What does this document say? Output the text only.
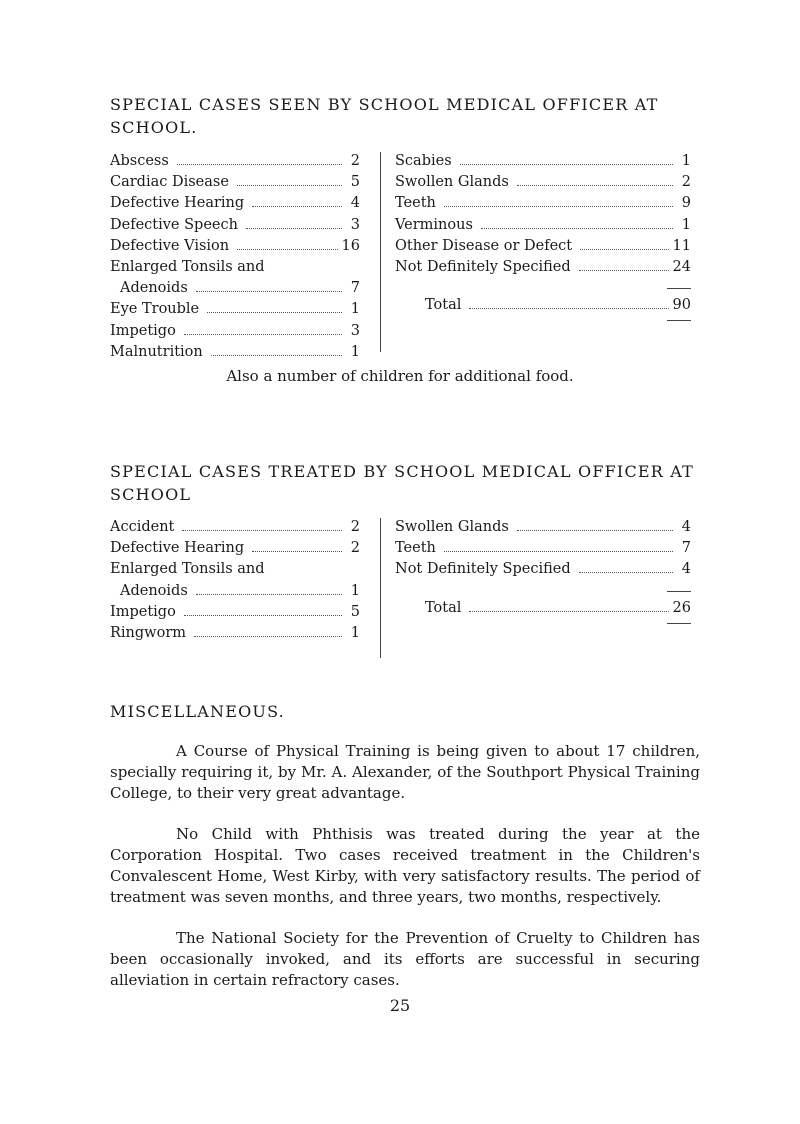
SPECIAL CASES SEEN BY SCHOOL MEDICAL OFFICER AT SCHOOL.
Abscess	2
Cardiac Disease	5
Defective Hearing	4
Defective Speech	3
Defective Vision	16
Enlarged Tonsils and
Adenoids	7
Eye Trouble	1
Impetigo	3
Malnutrition	1
Scabies	1
Swollen Glands	2
Teeth	9
Verminous	1
Other Disease or Defect	11
Not Definitely Specified	24
Total	90
Also a number of children for additional food.
SPECIAL CASES TREATED BY SCHOOL MEDICAL OFFICER AT SCHOOL
Accident	2
Defective Hearing	2
Enlarged Tonsils and
Adenoids	1
Impetigo	5
Ringworm	1
Swollen Glands	4
Teeth	7
Not Definitely Specified	4
Total	26
MISCELLANEOUS.

A Course of Physical Training is being given to about 17 children, specially requiring it, by Mr. A. Alexander, of the Southport Physical Training College, to their very great advantage.

No Child with Phthisis was treated during the year at the Corporation Hospital. Two cases received treatment in the Children's Convalescent Home, West Kirby, with very satisfactory results. The period of treatment was seven months, and three years, two months, respectively.

The National Society for the Prevention of Cruelty to Children has been occasionally invoked, and its efforts are successful in securing alleviation in certain refractory cases.

25
